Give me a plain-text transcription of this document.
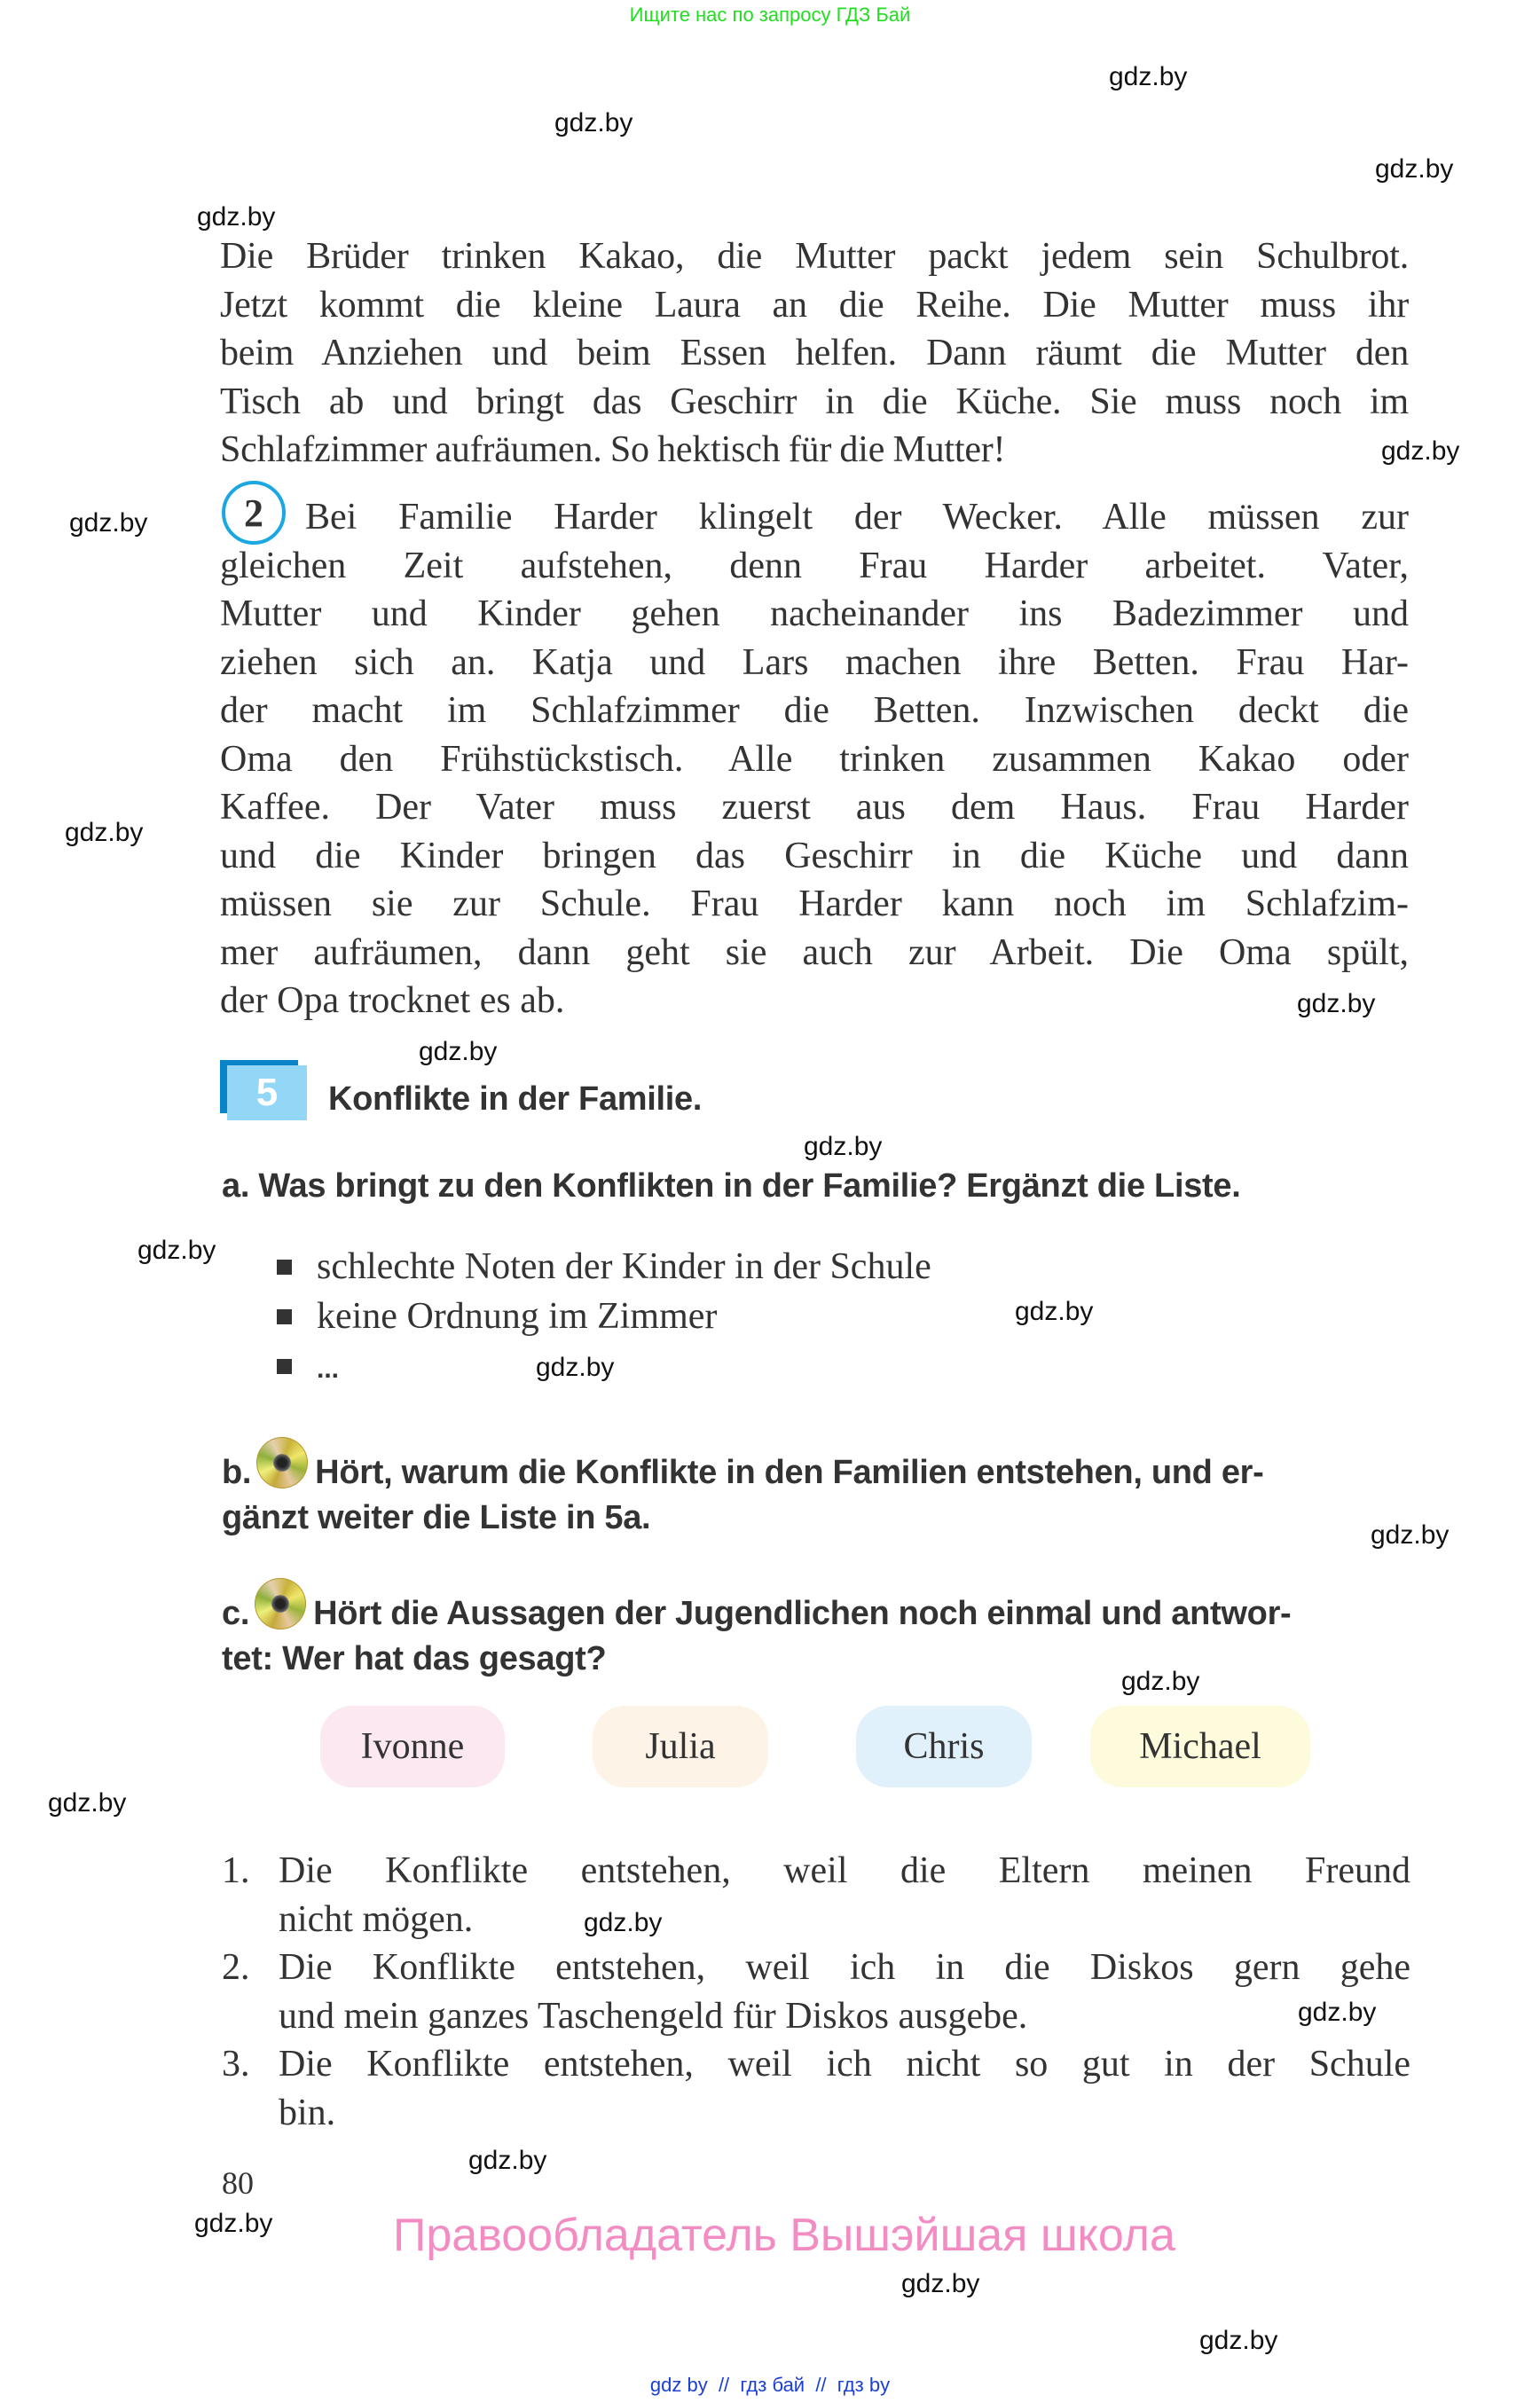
Ищите нас по запросу ГДЗ Бай
Die Brüder trinken Kakao, die Mutter packt jedem sein Schulbrot.
Jetzt kommt die kleine Laura an die Reihe. Die Mutter muss ihr
beim Anziehen und beim Essen helfen. Dann räumt die Mutter den
Tisch ab und bringt das Geschirr in die Küche. Sie muss noch im
Schlafzimmer aufräumen. So hektisch für die Mutter!
2	Bei Familie Harder klingelt der Wecker. Alle müssen zur
gleichen Zeit aufstehen, denn Frau Harder arbeitet. Vater,
Mutter und Kinder gehen nacheinander ins Badezimmer und
ziehen sich an. Katja und Lars machen ihre Betten. Frau Har-
der macht im Schlafzimmer die Betten. Inzwischen deckt die
Oma den Frühstückstisch. Alle trinken zusammen Kakao oder
Kaffee. Der Vater muss zuerst aus dem Haus. Frau Harder
und die Kinder bringen das Geschirr in die Küche und dann
müssen sie zur Schule. Frau Harder kann noch im Schlafzim-
mer aufräumen, dann geht sie auch zur Arbeit. Die Oma spült,
der Opa trocknet es ab.
5 Konflikte in der Familie.
a. Was bringt zu den Konflikten in der Familie? Ergänzt die Liste.
schlechte Noten der Kinder in der Schule
keine Ordnung im Zimmer
...
b. Hört, warum die Konflikte in den Familien entstehen, und er-
gänzt weiter die Liste in 5a.
c. Hört die Aussagen der Jugendlichen noch einmal und antwor-
tet: Wer hat das gesagt?
Ivonne	Julia	Chris	Michael
1. Die Konflikte entstehen, weil die Eltern meinen Freund
nicht mögen.
2. Die Konflikte entstehen, weil ich in die Diskos gern gehe
und mein ganzes Taschengeld für Diskos ausgebe.
3. Die Konflikte entstehen, weil ich nicht so gut in der Schule
bin.
80
Правообладатель Вышэйшая школа
gdz by  //  гдз бай  //  гдз by
gdz.by
gdz.by
gdz.by
gdz.by
gdz.by
gdz.by
gdz.by
gdz.by
gdz.by
gdz.by
gdz.by
gdz.by
gdz.by
gdz.by
gdz.by
gdz.by
gdz.by
gdz.by
gdz.by
gdz.by
gdz.by
gdz.by
